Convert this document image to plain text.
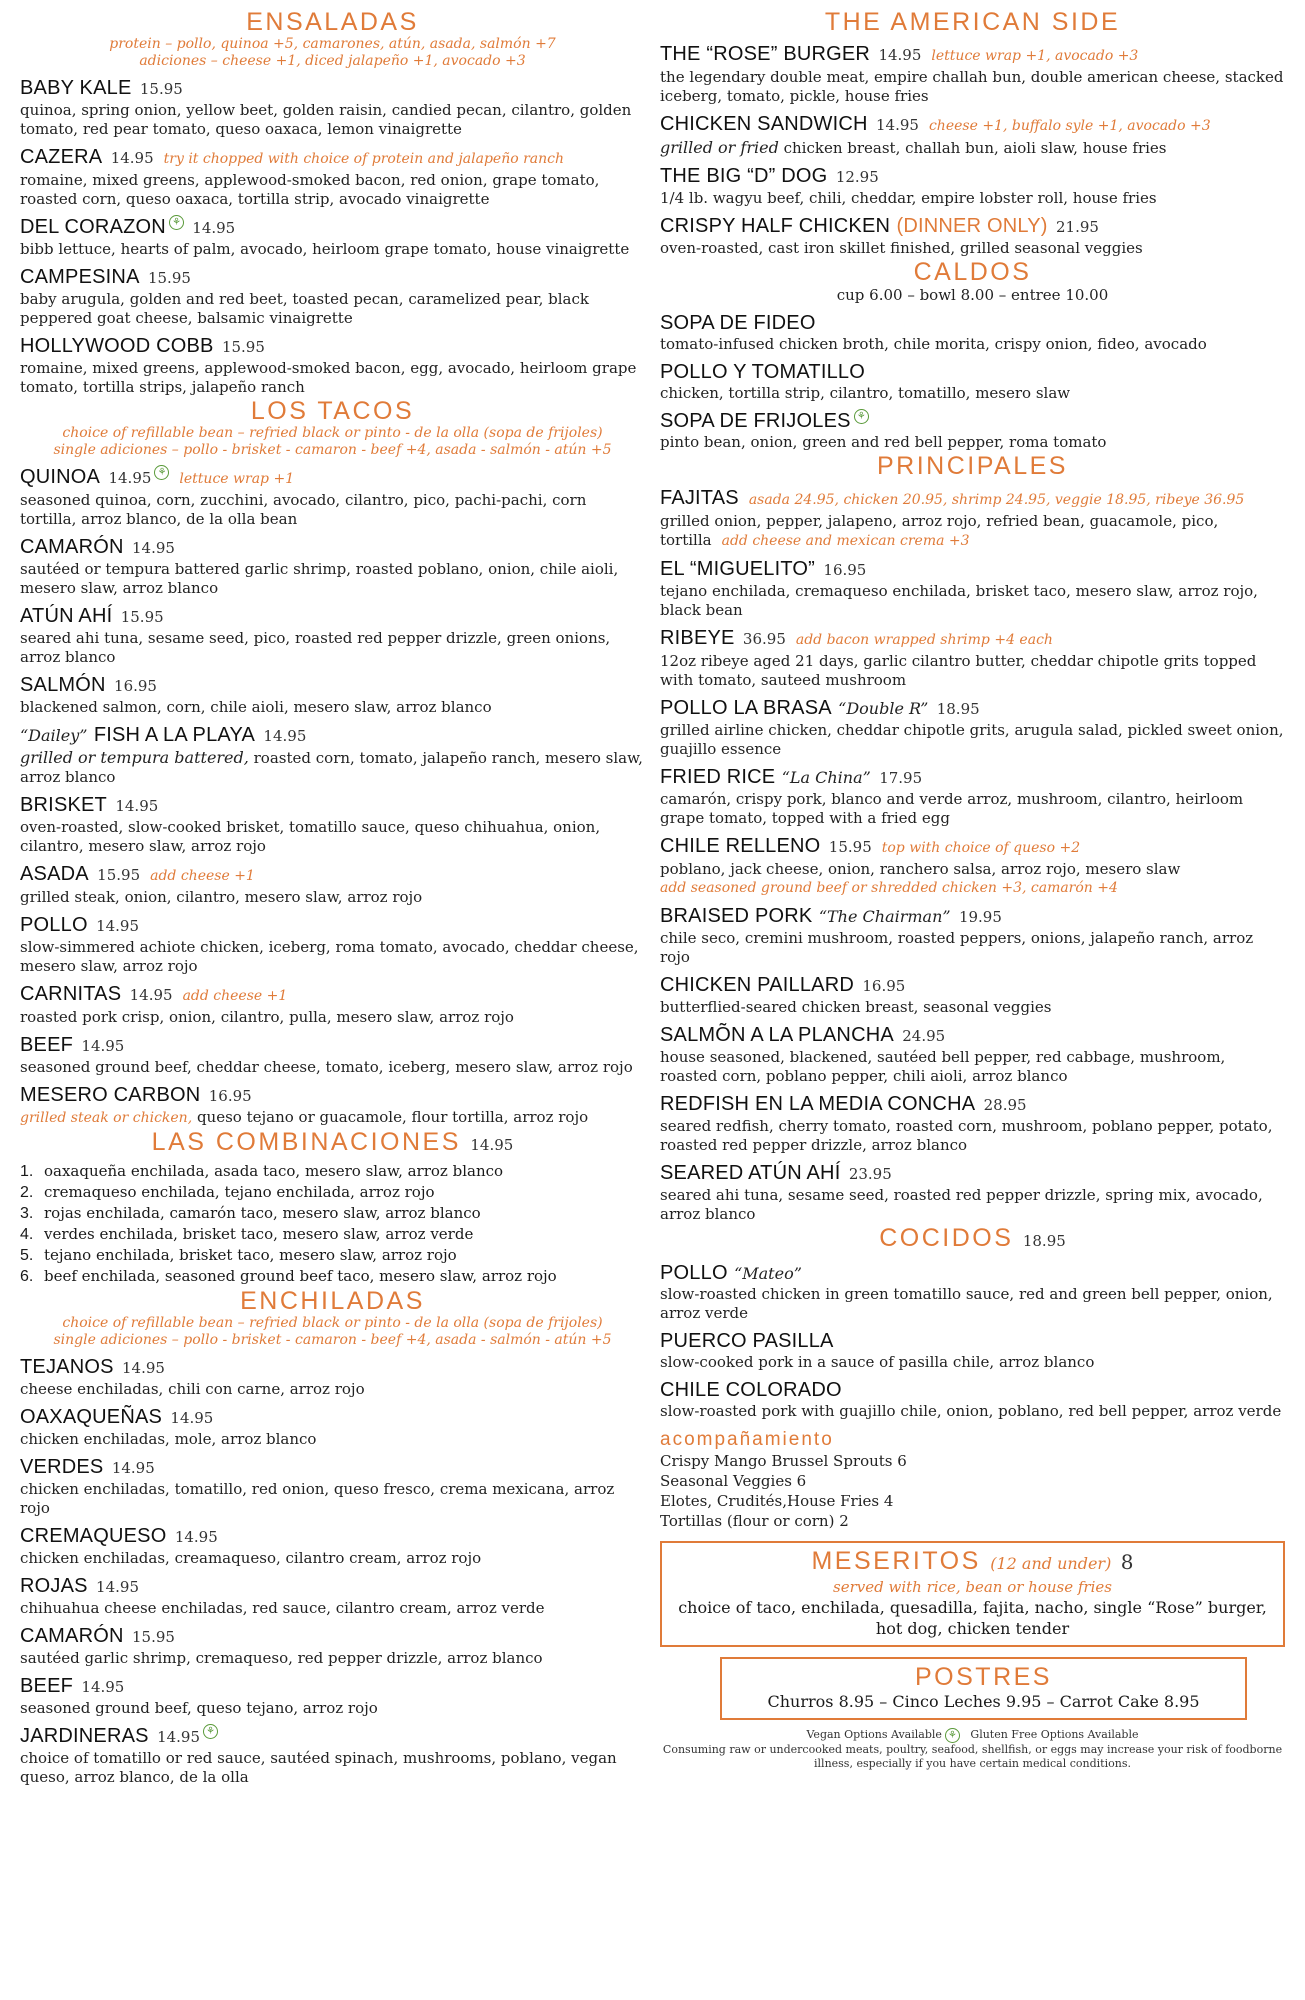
ENSALADAS
protein – pollo, quinoa +5, camarones, atún, asada, salmón +7
adiciones – cheese +1, diced jalapeño +1, avocado +3
BABY KALE 15.95
quinoa, spring onion, yellow beet, golden raisin, candied pecan, cilantro, golden tomato, red pear tomato, queso oaxaca, lemon vinaigrette
CAZERA 14.95 try it chopped with choice of protein and jalapeño ranch
romaine, mixed greens, applewood-smoked bacon, red onion, grape tomato, roasted corn, queso oaxaca, tortilla strip, avocado vinaigrette
DEL CORAZON ⚘ 14.95
bibb lettuce, hearts of palm, avocado, heirloom grape tomato, house vinaigrette
CAMPESINA 15.95
baby arugula, golden and red beet, toasted pecan, caramelized pear, black peppered goat cheese, balsamic vinaigrette
HOLLYWOOD COBB 15.95
romaine, mixed greens, applewood-smoked bacon, egg, avocado, heirloom grape tomato, tortilla strips, jalapeño ranch
LOS TACOS
choice of refillable bean – refried black or pinto - de la olla (sopa de frijoles)
single adiciones – pollo - brisket - camaron - beef +4, asada - salmón - atún +5
QUINOA 14.95 ⚘ lettuce wrap +1
seasoned quinoa, corn, zucchini, avocado, cilantro, pico, pachi-pachi, corn tortilla, arroz blanco, de la olla bean
CAMARÓN 14.95
sautéed or tempura battered garlic shrimp, roasted poblano, onion, chile aioli, mesero slaw, arroz blanco
ATÚN AHÍ 15.95
seared ahi tuna, sesame seed, pico, roasted red pepper drizzle, green onions, arroz blanco
SALMÓN 16.95
blackened salmon, corn, chile aioli, mesero slaw, arroz blanco
“Dailey” FISH A LA PLAYA 14.95
grilled or tempura battered, roasted corn, tomato, jalapeño ranch, mesero slaw, arroz blanco
BRISKET 14.95
oven-roasted, slow-cooked brisket, tomatillo sauce, queso chihuahua, onion, cilantro, mesero slaw, arroz rojo
ASADA 15.95 add cheese +1
grilled steak, onion, cilantro, mesero slaw, arroz rojo
POLLO 14.95
slow-simmered achiote chicken, iceberg, roma tomato, avocado, cheddar cheese, mesero slaw, arroz rojo
CARNITAS 14.95 add cheese +1
roasted pork crisp, onion, cilantro, pulla, mesero slaw, arroz rojo
BEEF 14.95
seasoned ground beef, cheddar cheese, tomato, iceberg, mesero slaw, arroz rojo
MESERO CARBON 16.95
grilled steak or chicken, queso tejano or guacamole, flour tortilla, arroz rojo
LAS COMBINACIONES 14.95
1. oaxaqueña enchilada, asada taco, mesero slaw, arroz blanco
2. cremaqueso enchilada, tejano enchilada, arroz rojo
3. rojas enchilada, camarón taco, mesero slaw, arroz blanco
4. verdes enchilada, brisket taco, mesero slaw, arroz verde
5. tejano enchilada, brisket taco, mesero slaw, arroz rojo
6. beef enchilada, seasoned ground beef taco, mesero slaw, arroz rojo
ENCHILADAS
choice of refillable bean – refried black or pinto - de la olla (sopa de frijoles)
single adiciones – pollo - brisket - camaron - beef +4, asada - salmón - atún +5
TEJANOS 14.95
cheese enchiladas, chili con carne, arroz rojo
OAXAQUEÑAS 14.95
chicken enchiladas, mole, arroz blanco
VERDES 14.95
chicken enchiladas, tomatillo, red onion, queso fresco, crema mexicana, arroz rojo
CREMAQUESO 14.95
chicken enchiladas, creamaqueso, cilantro cream, arroz rojo
ROJAS 14.95
chihuahua cheese enchiladas, red sauce, cilantro cream, arroz verde
CAMARÓN 15.95
sautéed garlic shrimp, cremaqueso, red pepper drizzle, arroz blanco
BEEF 14.95
seasoned ground beef, queso tejano, arroz rojo
JARDINERAS 14.95 ⚘
choice of tomatillo or red sauce, sautéed spinach, mushrooms, poblano, vegan queso, arroz blanco, de la olla
THE AMERICAN SIDE
THE “ROSE” BURGER 14.95 lettuce wrap +1, avocado +3
the legendary double meat, empire challah bun, double american cheese, stacked iceberg, tomato, pickle, house fries
CHICKEN SANDWICH 14.95 cheese +1, buffalo syle +1, avocado +3
grilled or fried chicken breast, challah bun, aioli slaw, house fries
THE BIG “D” DOG 12.95
1/4 lb. wagyu beef, chili, cheddar, empire lobster roll, house fries
CRISPY HALF CHICKEN (DINNER ONLY) 21.95
oven-roasted, cast iron skillet finished, grilled seasonal veggies
CALDOS
cup 6.00 – bowl 8.00 – entree 10.00
SOPA DE FIDEO
tomato-infused chicken broth, chile morita, crispy onion, fideo, avocado
POLLO Y TOMATILLO
chicken, tortilla strip, cilantro, tomatillo, mesero slaw
SOPA DE FRIJOLES ⚘
pinto bean, onion, green and red bell pepper, roma tomato
PRINCIPALES
FAJITAS asada 24.95, chicken 20.95, shrimp 24.95, veggie 18.95, ribeye 36.95
grilled onion, pepper, jalapeno, arroz rojo, refried bean, guacamole, pico, tortilla add cheese and mexican crema +3
EL “MIGUELITO” 16.95
tejano enchilada, cremaqueso enchilada, brisket taco, mesero slaw, arroz rojo, black bean
RIBEYE 36.95 add bacon wrapped shrimp +4 each
12oz ribeye aged 21 days, garlic cilantro butter, cheddar chipotle grits topped with tomato, sauteed mushroom
POLLO LA BRASA “Double R” 18.95
grilled airline chicken, cheddar chipotle grits, arugula salad, pickled sweet onion, guajillo essence
FRIED RICE “La China” 17.95
camarón, crispy pork, blanco and verde arroz, mushroom, cilantro, heirloom grape tomato, topped with a fried egg
CHILE RELLENO 15.95 top with choice of queso +2
poblano, jack cheese, onion, ranchero salsa, arroz rojo, mesero slaw
add seasoned ground beef or shredded chicken +3, camarón +4
BRAISED PORK “The Chairman” 19.95
chile seco, cremini mushroom, roasted peppers, onions, jalapeño ranch, arroz rojo
CHICKEN PAILLARD 16.95
butterflied-seared chicken breast, seasonal veggies
SALMÕN A LA PLANCHA 24.95
house seasoned, blackened, sautéed bell pepper, red cabbage, mushroom, roasted corn, poblano pepper, chili aioli, arroz blanco
REDFISH EN LA MEDIA CONCHA 28.95
seared redfish, cherry tomato, roasted corn, mushroom, poblano pepper, potato, roasted red pepper drizzle, arroz blanco
SEARED ATÚN AHÍ 23.95
seared ahi tuna, sesame seed, roasted red pepper drizzle, spring mix, avocado, arroz blanco
COCIDOS 18.95
POLLO “Mateo”
slow-roasted chicken in green tomatillo sauce, red and green bell pepper, onion, arroz verde
PUERCO PASILLA
slow-cooked pork in a sauce of pasilla chile, arroz blanco
CHILE COLORADO
slow-roasted pork with guajillo chile, onion, poblano, red bell pepper, arroz verde
acompañamiento
Crispy Mango Brussel Sprouts 6
Seasonal Veggies 6
Elotes, Crudités,House Fries 4
Tortillas (flour or corn) 2
MESERITOS (12 and under) 8
served with rice, bean or house fries
choice of taco, enchilada, quesadilla, fajita, nacho, single “Rose” burger, hot dog, chicken tender
POSTRES
Churros 8.95 – Cinco Leches 9.95 – Carrot Cake 8.95
Vegan Options Available ⚘ Gluten Free Options Available
Consuming raw or undercooked meats, poultry, seafood, shellfish, or eggs may increase your risk of foodborne illness, especially if you have certain medical conditions.
